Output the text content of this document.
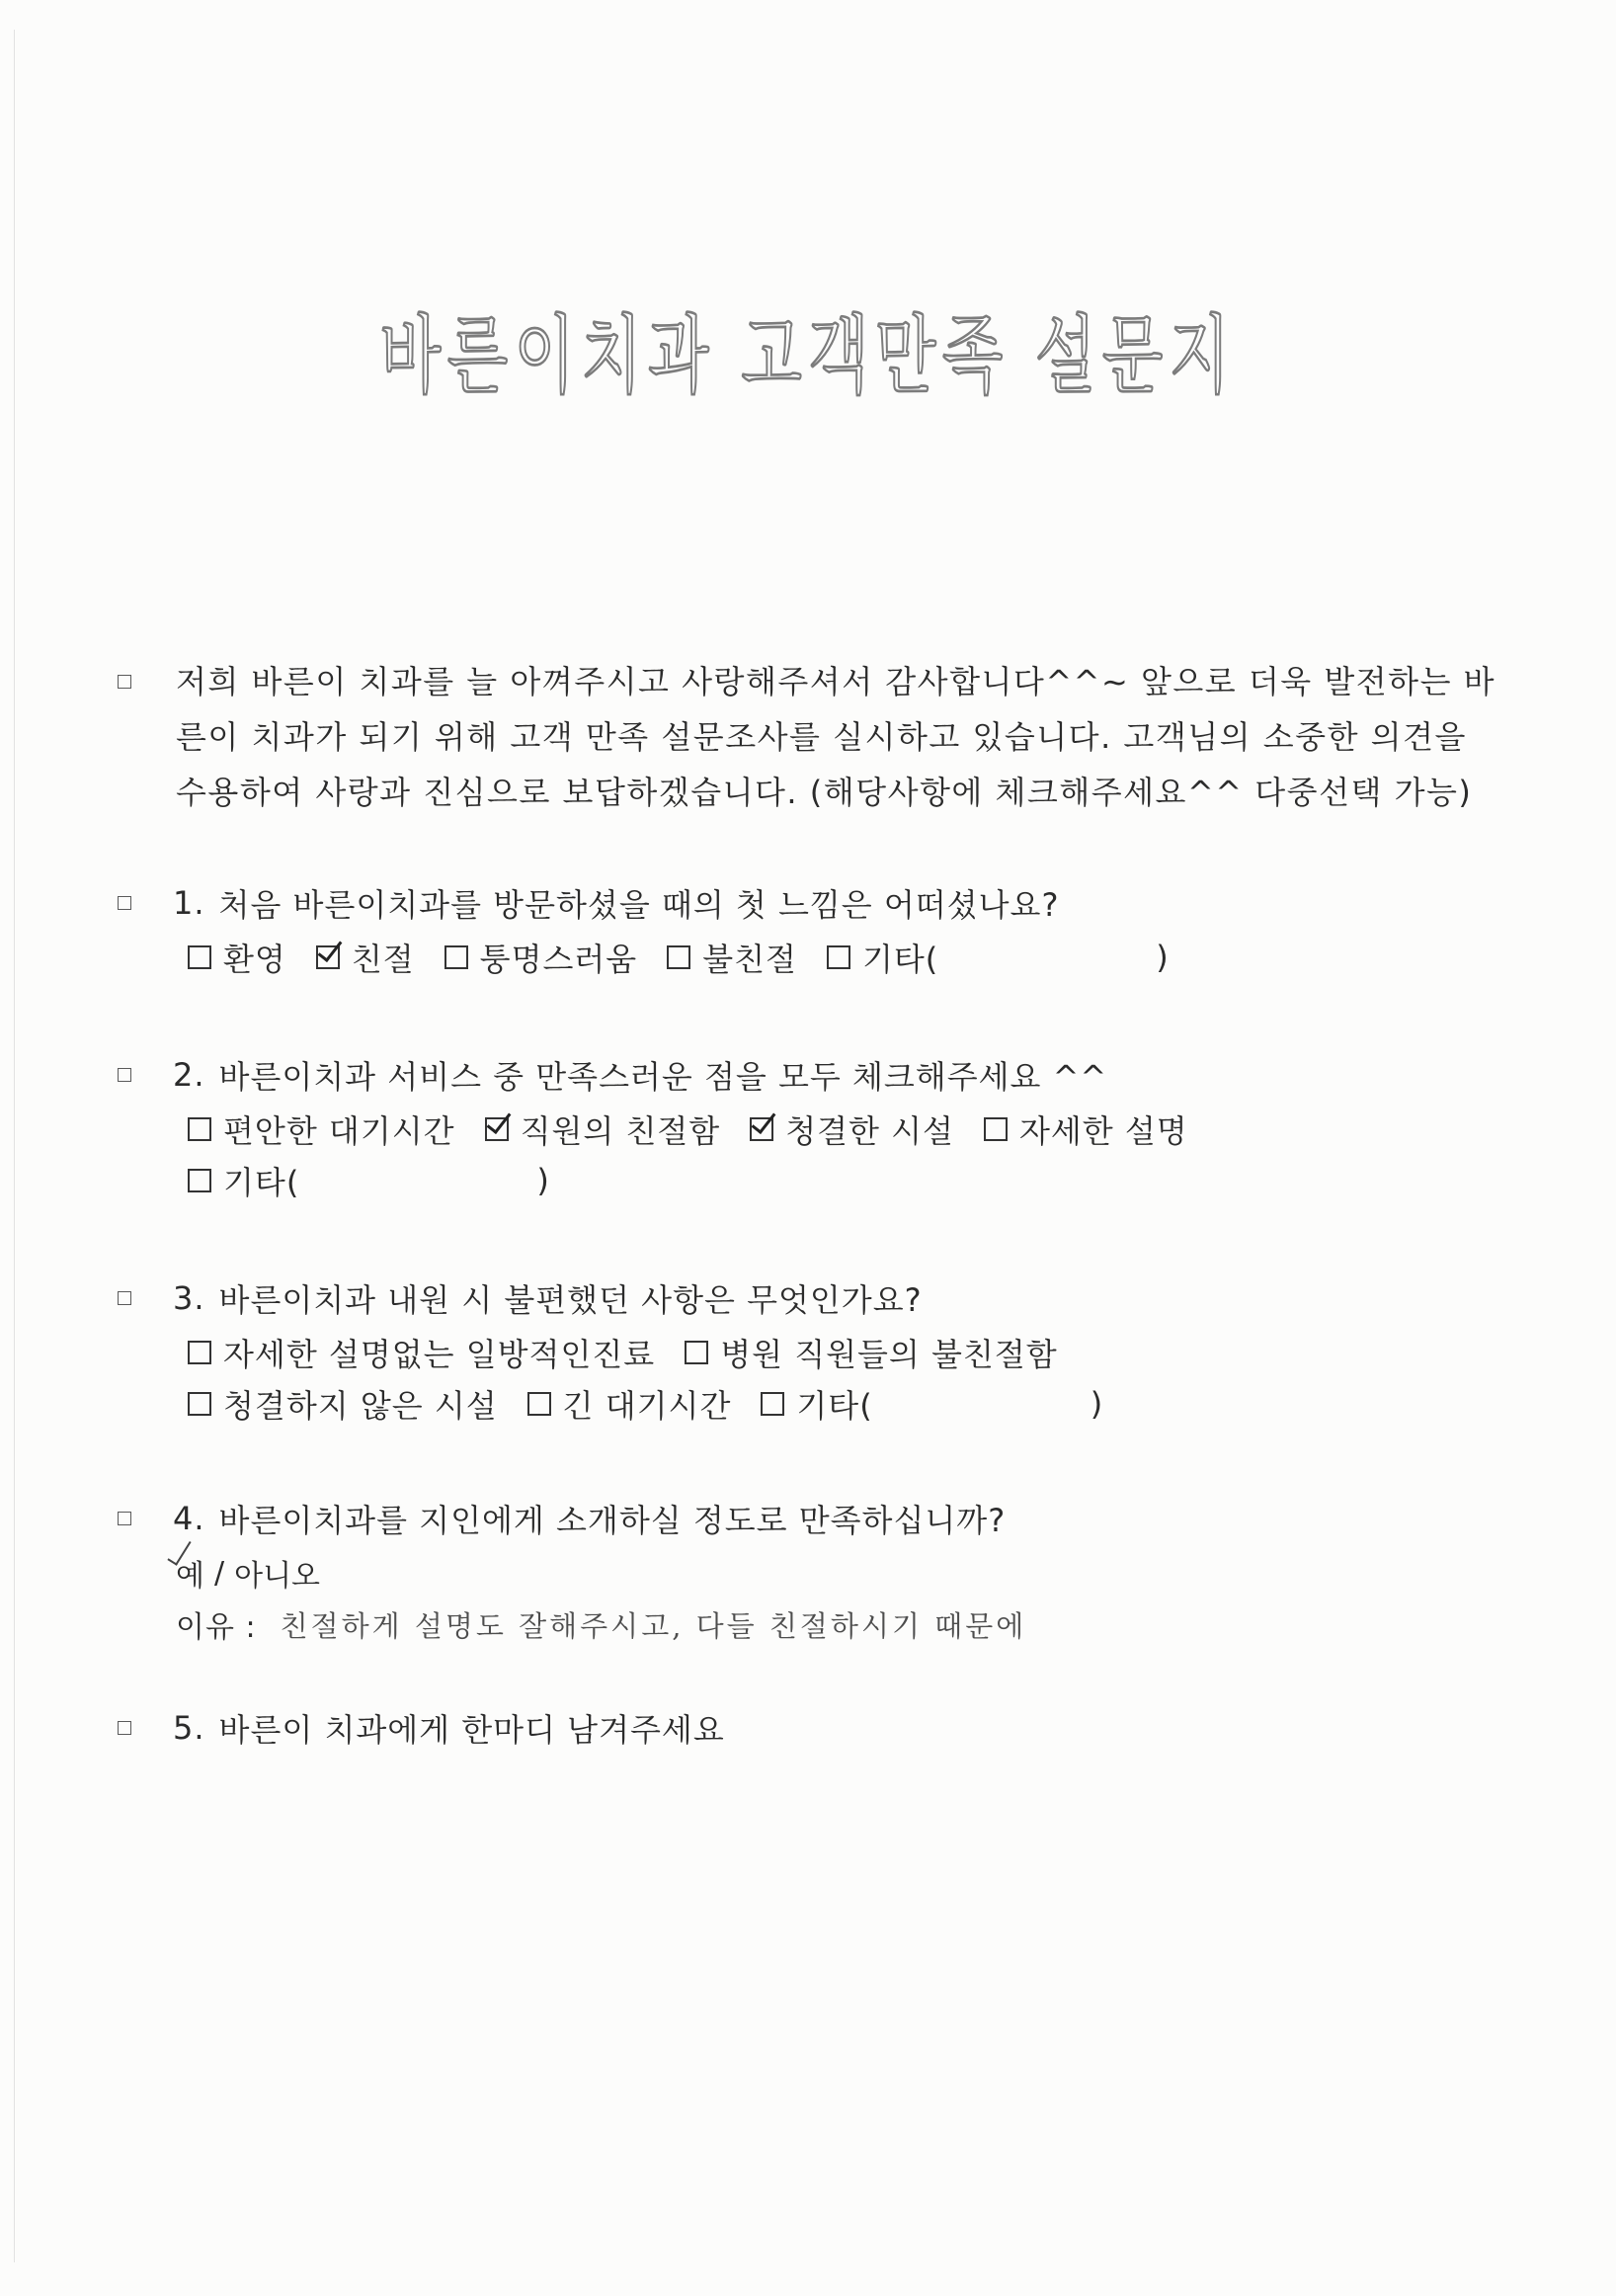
바른이치과 고객만족 설문지
저희 바른이 치과를 늘 아껴주시고 사랑해주셔서 감사합니다^^~ 앞으로 더욱 발전하는 바
른이 치과가 되기 위해 고객 만족 설문조사를 실시하고 있습니다. 고객님의 소중한 의견을
수용하여 사랑과 진심으로 보답하겠습니다. (해당사항에 체크해주세요^^ 다중선택 가능)
1. 처음 바른이치과를 방문하셨을 때의 첫 느낌은 어떠셨나요?
환영 친절 퉁명스러움 불친절 기타(	)
2. 바른이치과 서비스 중 만족스러운 점을 모두 체크해주세요 ^^
편안한 대기시간 직원의 친절함 청결한 시설 자세한 설명
기타(	)
3. 바른이치과 내원 시 불편했던 사항은 무엇인가요?
자세한 설명없는 일방적인진료 병원 직원들의 불친절함
청결하지 않은 시설 긴 대기시간 기타(	)
4. 바른이치과를 지인에게 소개하실 정도로 만족하십니까?
예 / 아니오
이유 : 친절하게 설명도 잘해주시고, 다들 친절하시기 때문에
5. 바른이 치과에게 한마디 남겨주세요
